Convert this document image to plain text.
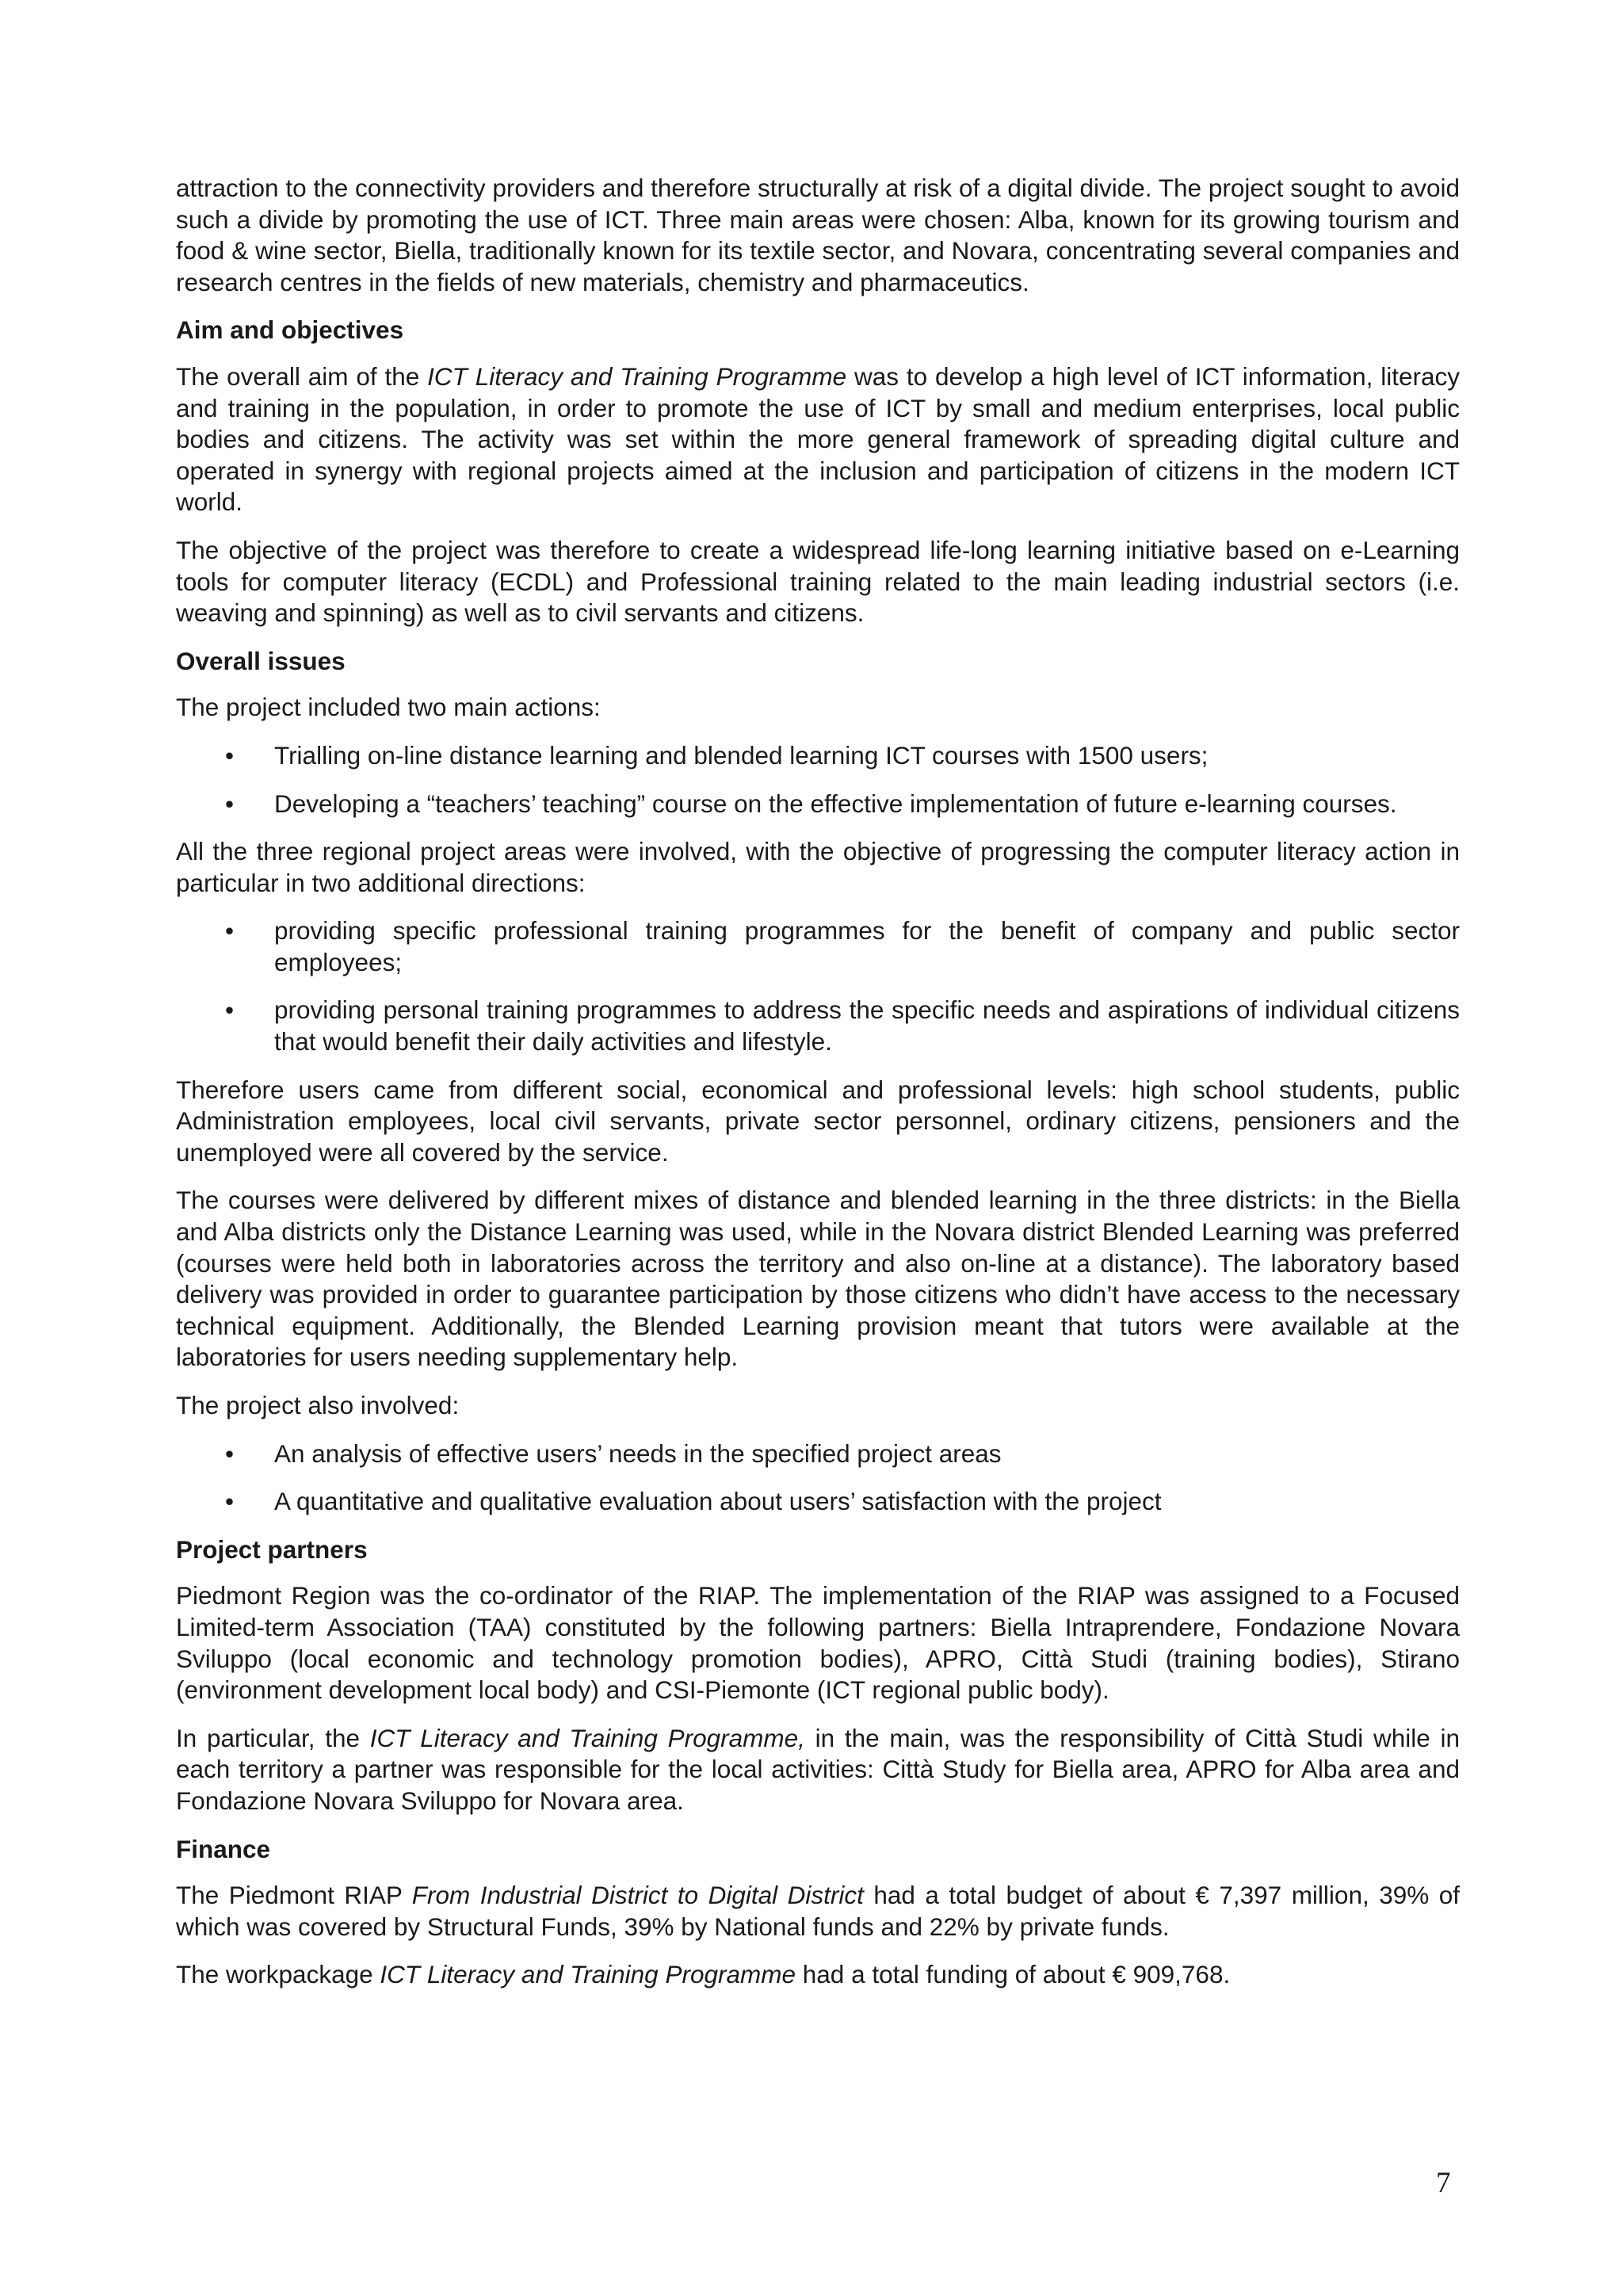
attraction to the connectivity providers and therefore structurally at risk of a digital divide. The project sought to avoid such a divide by promoting the use of ICT. Three main areas were chosen: Alba, known for its growing tourism and food & wine sector, Biella, traditionally known for its textile sector, and Novara, concentrating several companies and research centres in the fields of new materials, chemistry and pharmaceutics.

Aim and objectives

The overall aim of the ICT Literacy and Training Programme was to develop a high level of ICT information, literacy and training in the population, in order to promote the use of ICT by small and medium enterprises, local public bodies and citizens. The activity was set within the more general framework of spreading digital culture and operated in synergy with regional projects aimed at the inclusion and participation of citizens in the modern ICT world.

The objective of the project was therefore to create a widespread life-long learning initiative based on e-Learning tools for computer literacy (ECDL) and Professional training related to the main leading industrial sectors (i.e. weaving and spinning) as well as to civil servants and citizens.

Overall issues

The project included two main actions:

• Trialling on-line distance learning and blended learning ICT courses with 1500 users;
• Developing a “teachers’ teaching” course on the effective implementation of future e-learning courses.

All the three regional project areas were involved, with the objective of progressing the computer literacy action in particular in two additional directions:

• providing specific professional training programmes for the benefit of company and public sector employees;
• providing personal training programmes to address the specific needs and aspirations of individual citizens that would benefit their daily activities and lifestyle.

Therefore users came from different social, economical and professional levels: high school students, public Administration employees, local civil servants, private sector personnel, ordinary citizens, pensioners and the unemployed were all covered by the service.

The courses were delivered by different mixes of distance and blended learning in the three districts: in the Biella and Alba districts only the Distance Learning was used, while in the Novara district Blended Learning was preferred (courses were held both in laboratories across the territory and also on-line at a distance). The laboratory based delivery was provided in order to guarantee participation by those citizens who didn’t have access to the necessary technical equipment. Additionally, the Blended Learning provision meant that tutors were available at the laboratories for users needing supplementary help.

The project also involved:

• An analysis of effective users’ needs in the specified project areas
• A quantitative and qualitative evaluation about users’ satisfaction with the project
Project partners

Piedmont Region was the co-ordinator of the RIAP. The implementation of the RIAP was assigned to a Focused Limited-term Association (TAA) constituted by the following partners: Biella Intraprendere, Fondazione Novara Sviluppo (local economic and technology promotion bodies), APRO, Città Studi (training bodies), Stirano (environment development local body) and CSI-Piemonte (ICT regional public body).

In particular, the ICT Literacy and Training Programme, in the main, was the responsibility of Città Studi while in each territory a partner was responsible for the local activities: Città Study for Biella area, APRO for Alba area and Fondazione Novara Sviluppo for Novara area.

Finance

The Piedmont RIAP From Industrial District to Digital District had a total budget of about € 7,397 million, 39% of which was covered by Structural Funds, 39% by National funds and 22% by private funds.

The workpackage ICT Literacy and Training Programme had a total funding of about € 909,768.

7
